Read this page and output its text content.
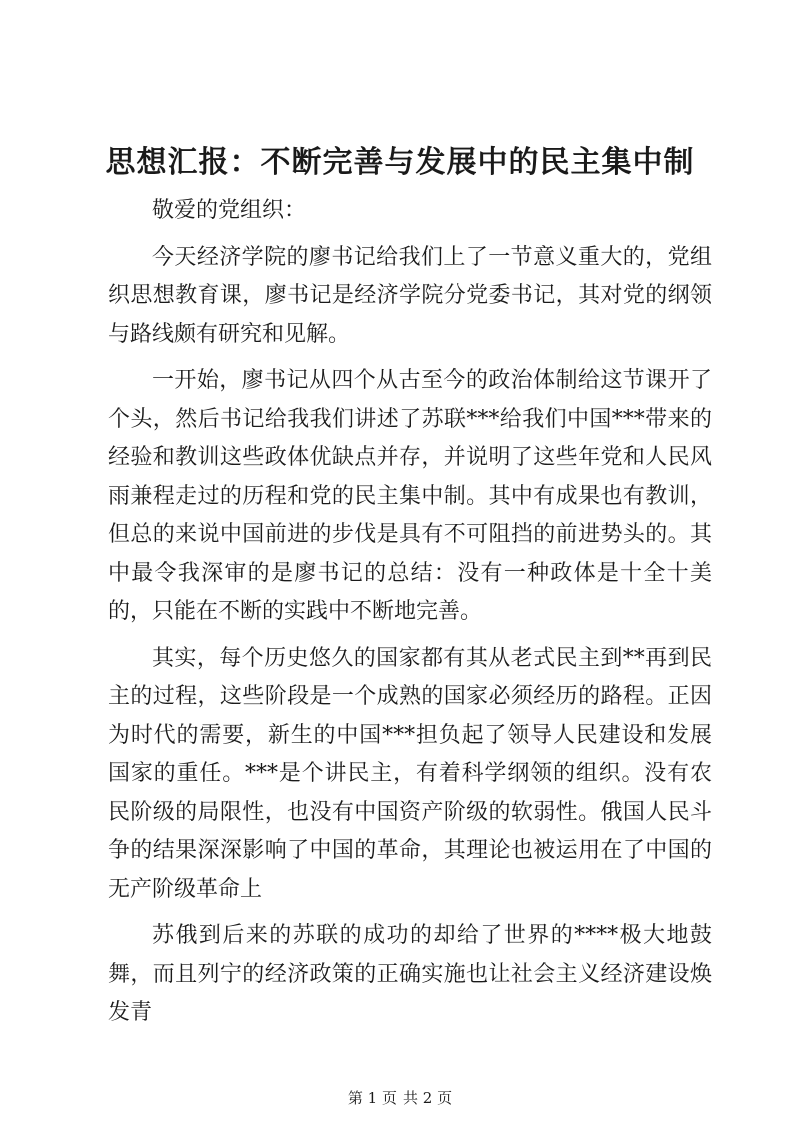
思想汇报：不断完善与发展中的民主集中制

敬爱的党组织：

今天经济学院的廖书记给我们上了一节意义重大的，党组织思想教育课，廖书记是经济学院分党委书记，其对党的纲领与路线颇有研究和见解。

一开始，廖书记从四个从古至今的政治体制给这节课开了个头，然后书记给我我们讲述了苏联***给我们中国***带来的经验和教训这些政体优缺点并存，并说明了这些年党和人民风雨兼程走过的历程和党的民主集中制。其中有成果也有教训，但总的来说中国前进的步伐是具有不可阻挡的前进势头的。其中最令我深审的是廖书记的总结：没有一种政体是十全十美的，只能在不断的实践中不断地完善。

其实，每个历史悠久的国家都有其从老式民主到**再到民主的过程，这些阶段是一个成熟的国家必须经历的路程。正因为时代的需要，新生的中国***担负起了领导人民建设和发展国家的重任。***是个讲民主，有着科学纲领的组织。没有农民阶级的局限性，也没有中国资产阶级的软弱性。俄国人民斗争的结果深深影响了中国的革命，其理论也被运用在了中国的无产阶级革命上

苏俄到后来的苏联的成功的却给了世界的****极大地鼓舞，而且列宁的经济政策的正确实施也让社会主义经济建设焕发青

第 1 页 共 2 页
